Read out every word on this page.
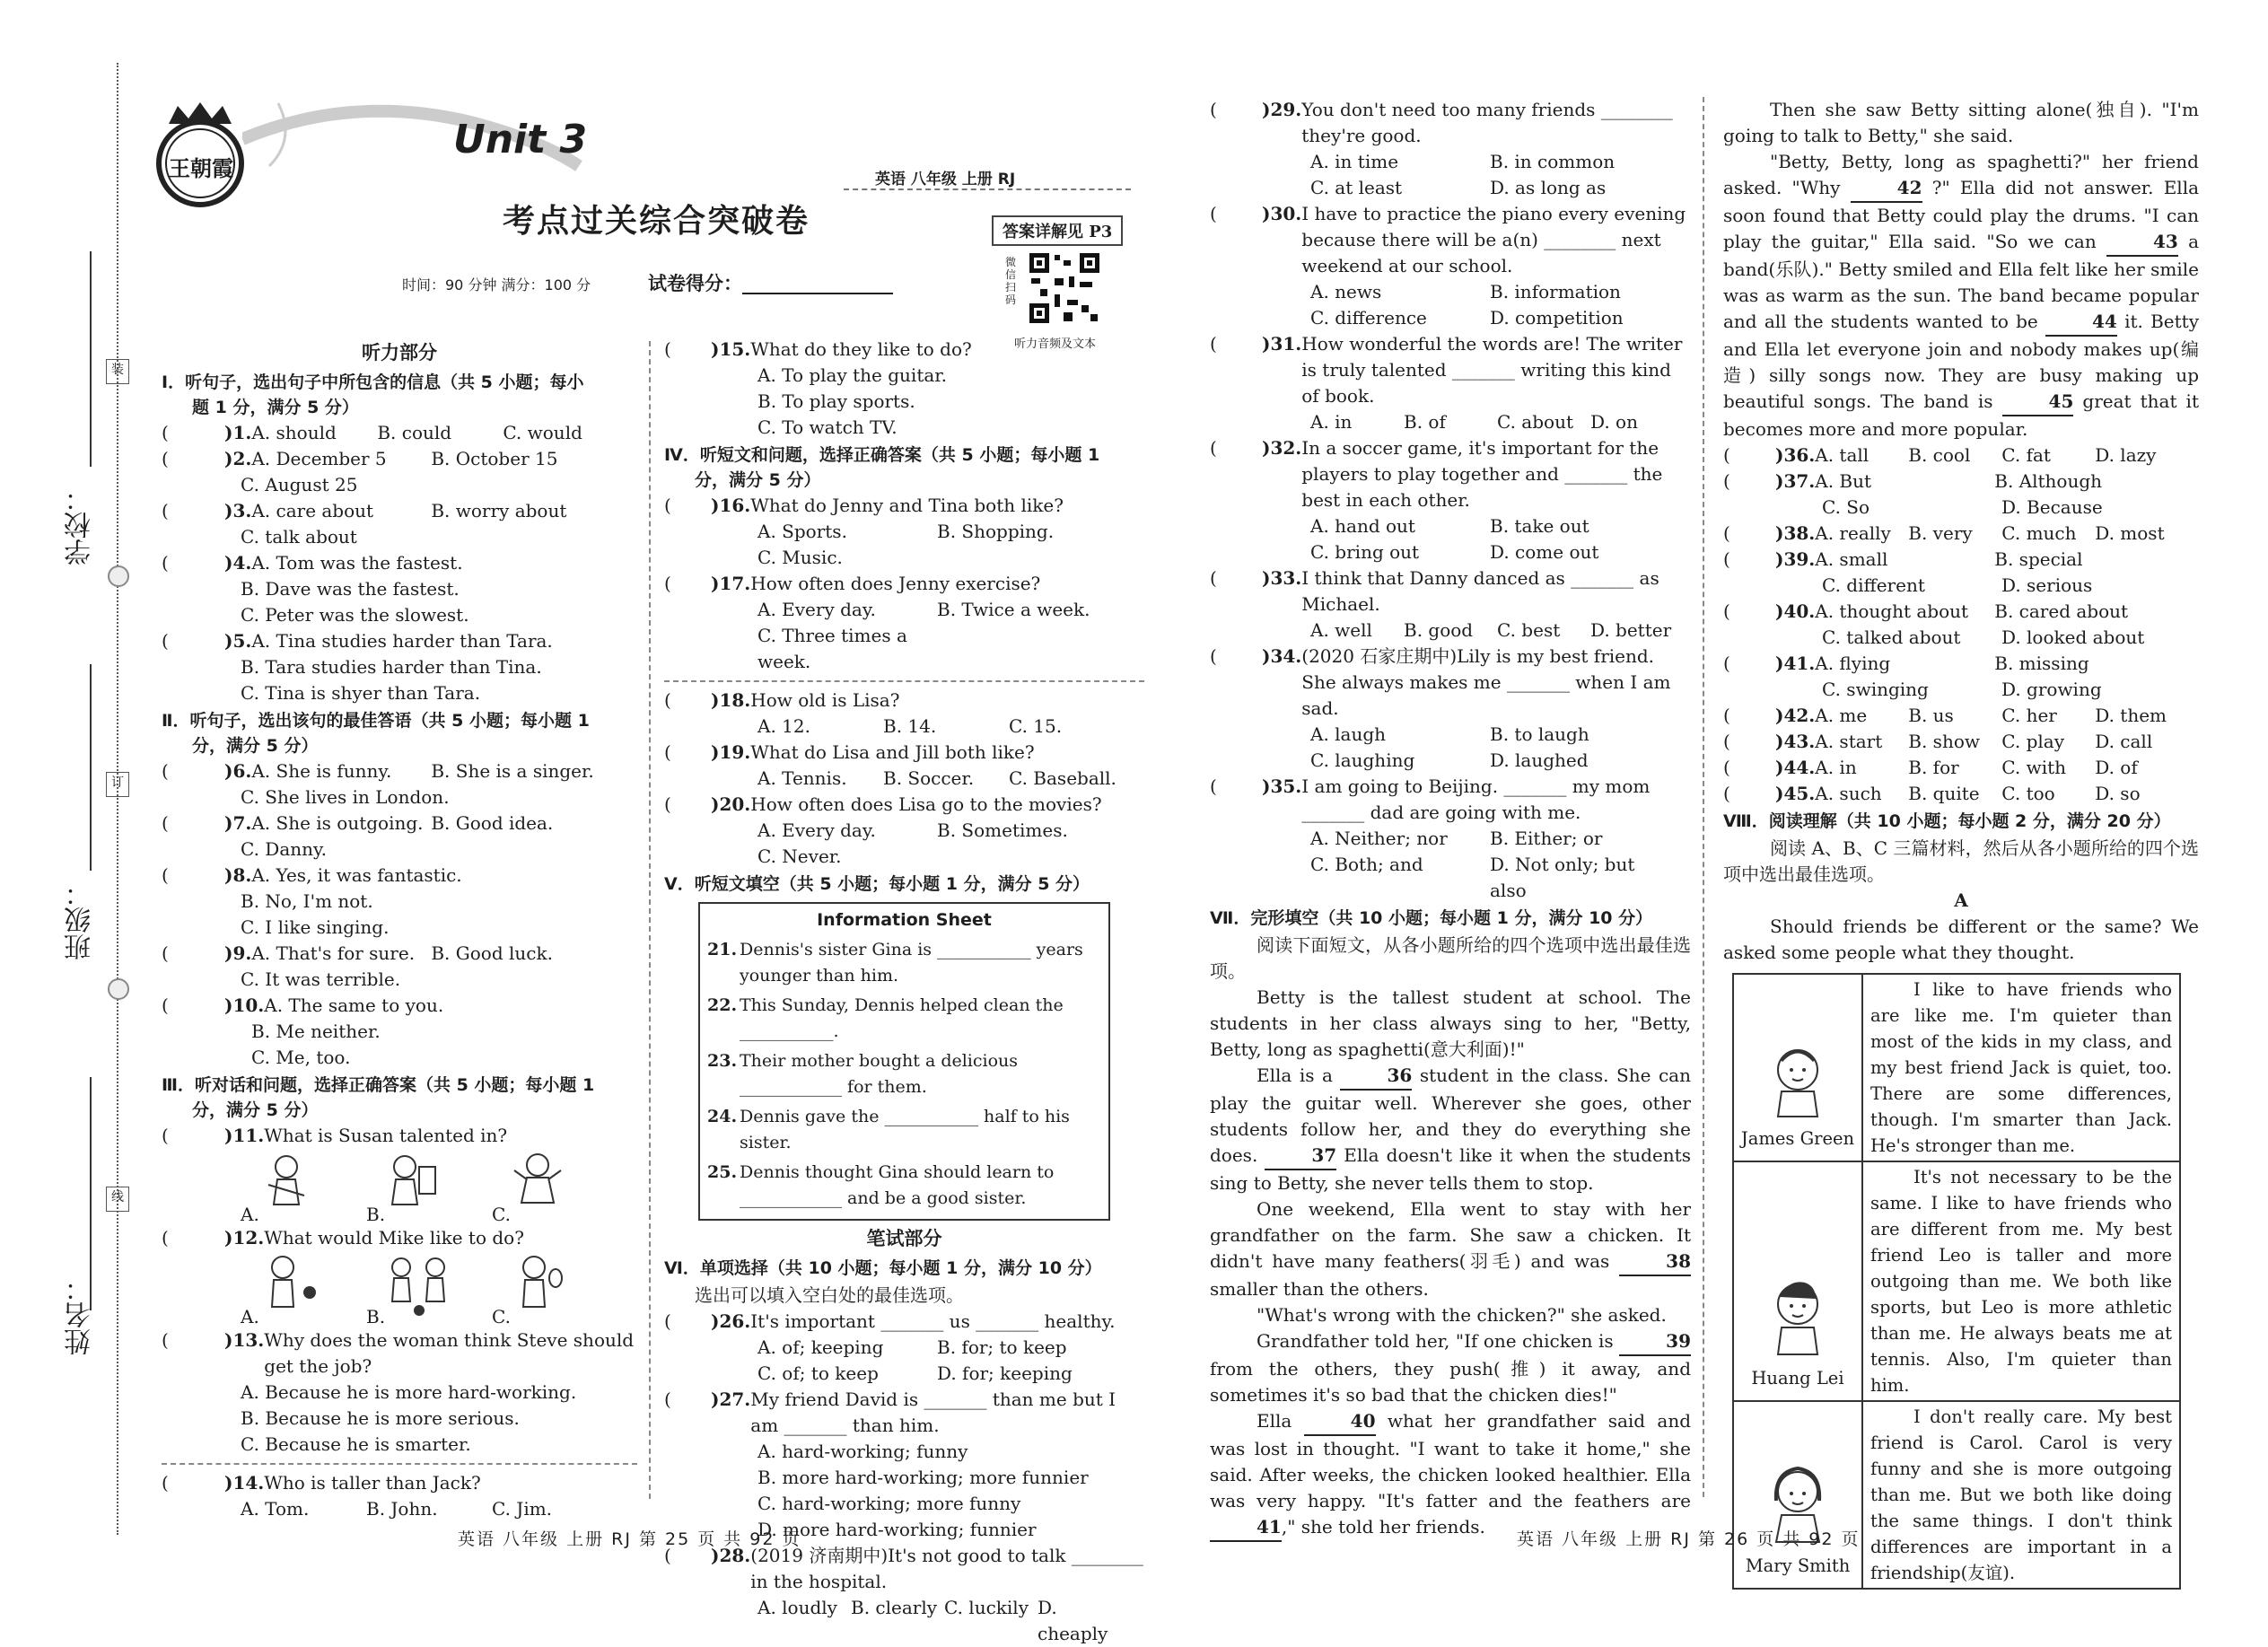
学校：
班级：
姓名：
装
订
线
王朝霞
Unit 3
考点过关综合突破卷
英语 八年级 上册 RJ
答案详解见 P3
微信扫码
听力音频及文本
时间：90 分钟 满分：100 分	试卷得分：________________
听力部分
Ⅰ．听句子，选出句子中所包含的信息（共 5 小题；每小
题 1 分，满分 5 分）
( )1. A. should	B. could	C. would
( )2. A. December 5	B. October 15
C. August 25
( )3. A. care about	B. worry about
C. talk about
( )4. A. Tom was the fastest.
B. Dave was the fastest.
C. Peter was the slowest.
( )5. A. Tina studies harder than Tara.
B. Tara studies harder than Tina.
C. Tina is shyer than Tara.
Ⅱ．听句子，选出该句的最佳答语（共 5 小题；每小题 1
分，满分 5 分）
( )6. A. She is funny.	B. She is a singer.
C. She lives in London.
( )7. A. She is outgoing. B. Good idea.
C. Danny.
( )8. A. Yes, it was fantastic.
B. No, I'm not.
C. I like singing.
( )9. A. That's for sure. B. Good luck.
C. It was terrible.
( )10. A. The same to you.
B. Me neither.
C. Me, too.
Ⅲ．听对话和问题，选择正确答案（共 5 小题；每小题 1
分，满分 5 分）
( )11. What is Susan talented in?
A.	B.	C.
( )12. What would Mike like to do?
A.	B.	C.
( )13. Why does the woman think Steve should get the job?
A. Because he is more hard-working.
B. Because he is more serious.
C. Because he is smarter.
( )14. Who is taller than Jack?
A. Tom.	B. John.	C. Jim.
( )15. What do they like to do?
A. To play the guitar.
B. To play sports.
C. To watch TV.
Ⅳ．听短文和问题，选择正确答案（共 5 小题；每小题 1
分，满分 5 分）
( )16. What do Jenny and Tina both like?
A. Sports.	B. Shopping.
C. Music.
( )17. How often does Jenny exercise?
A. Every day.	B. Twice a week.
C. Three times a week.
( )18. How old is Lisa?
A. 12.	B. 14.	C. 15.
( )19. What do Lisa and Jill both like?
A. Tennis.	B. Soccer.	C. Baseball.
( )20. How often does Lisa go to the movies?
A. Every day.	B. Sometimes.
C. Never.
Ⅴ．听短文填空（共 5 小题；每小题 1 分，满分 5 分）
Information Sheet
21. Dennis's sister Gina is ___________ years younger than him.
22. This Sunday, Dennis helped clean the ___________.
23. Their mother bought a delicious ____________ for them.
24. Dennis gave the ___________ half to his sister.
25. Dennis thought Gina should learn to ____________ and be a good sister.
笔试部分
Ⅵ．单项选择（共 10 小题；每小题 1 分，满分 10 分）
选出可以填入空白处的最佳选项。
( )26. It's important _______ us _______ healthy.
A. of; keeping	B. for; to keep
C. of; to keep	D. for; keeping
( )27. My friend David is _______ than me but I am _______ than him.
A. hard-working; funny
B. more hard-working; more funnier
C. hard-working; more funny
D. more hard-working; funnier
( )28. (2019 济南期中)It's not good to talk ________ in the hospital.
A. loudly B. clearly C. luckily D. cheaply
( )29. You don't need too many friends ________ they're good.
A. in time	B. in common
C. at least	D. as long as
( )30. I have to practice the piano every evening because there will be a(n) ________ next weekend at our school.
A. news	B. information
C. difference	D. competition
( )31. How wonderful the words are! The writer is truly talented _______ writing this kind of book.
A. in	B. of	C. about D. on
( )32. In a soccer game, it's important for the players to play together and _______ the best in each other.
A. hand out	B. take out
C. bring out	D. come out
( )33. I think that Danny danced as _______ as Michael.
A. well	B. good	C. best	D. better
( )34. (2020 石家庄期中)Lily is my best friend. She always makes me _______ when I am sad.
A. laugh	B. to laugh
C. laughing	D. laughed
( )35. I am going to Beijing. _______ my mom _______ dad are going with me.
A. Neither; nor	B. Either; or
C. Both; and	D. Not only; but also
Ⅶ．完形填空（共 10 小题；每小题 1 分，满分 10 分）
阅读下面短文，从各小题所给的四个选项中选出最佳选项。
Betty is the tallest student at school. The students in her class always sing to her, "Betty, Betty, long as spaghetti(意大利面)!"
Ella is a	36 student in the class. She can play the guitar well. Wherever she goes, other students follow her, and they do everything she does.	37 Ella doesn't like it when the students sing to Betty, she never tells them to stop.
One weekend, Ella went to stay with her grandfather on the farm. She saw a chicken. It didn't have many feathers(羽毛) and was	38 smaller than the others.
"What's wrong with the chicken?" she asked.
Grandfather told her, "If one chicken is	39 from the others, they push(推) it away, and sometimes it's so bad that the chicken dies!"
Ella	40 what her grandfather said and was lost in thought. "I want to take it home," she said. After weeks, the chicken looked healthier. Ella was very happy. "It's fatter and the feathers are 41," she told her friends.
Then she saw Betty sitting alone(独自). "I'm going to talk to Betty," she said.
"Betty, Betty, long as spaghetti?" her friend asked. "Why	42 ?" Ella did not answer. Ella soon found that Betty could play the drums. "I can play the guitar," Ella said. "So we can	43 a band(乐队)." Betty smiled and Ella felt like her smile was as warm as the sun. The band became popular and all the students wanted to be	44 it. Betty and Ella let everyone join and nobody makes up(编造) silly songs now. They are busy making up beautiful songs. The band is	45 great that it becomes more and more popular.
( )36. A. tall	B. cool	C. fat	D. lazy
( )37. A. But	B. Although
C. So	D. Because
( )38. A. really B. very	C. much	D. most
( )39. A. small	B. special
C. different	D. serious
( )40. A. thought about	B. cared about
C. talked about	D. looked about
( )41. A. flying	B. missing
C. swinging	D. growing
( )42. A. me	B. us	C. her	D. them
( )43. A. start	B. show	C. play	D. call
( )44. A. in	B. for	C. with	D. of
( )45. A. such	B. quite	C. too	D. so
Ⅷ．阅读理解（共 10 小题；每小题 2 分，满分 20 分）
阅读 A、B、C 三篇材料，然后从各小题所给的四个选项中选出最佳选项。
A
Should friends be different or the same? We asked some people what they thought.
James Green	I like to have friends who are like me. I'm quieter than most of the kids in my class, and my best friend Jack is quiet, too. There are some differences, though. I'm smarter than Jack. He's stronger than me.

Huang Lei	It's not necessary to be the same. I like to have friends who are different from me. My best friend Leo is taller and more outgoing than me. We both like sports, but Leo is more athletic than me. He always beats me at tennis. Also, I'm quieter than him.

Mary Smith	I don't really care. My best friend is Carol. Carol is very funny and she is more outgoing than me. But we both like doing the same things. I don't think differences are important in a friendship(友谊).
英语 八年级 上册 RJ 第 25 页 共 92 页	英语 八年级 上册 RJ 第 26 页 共 92 页
